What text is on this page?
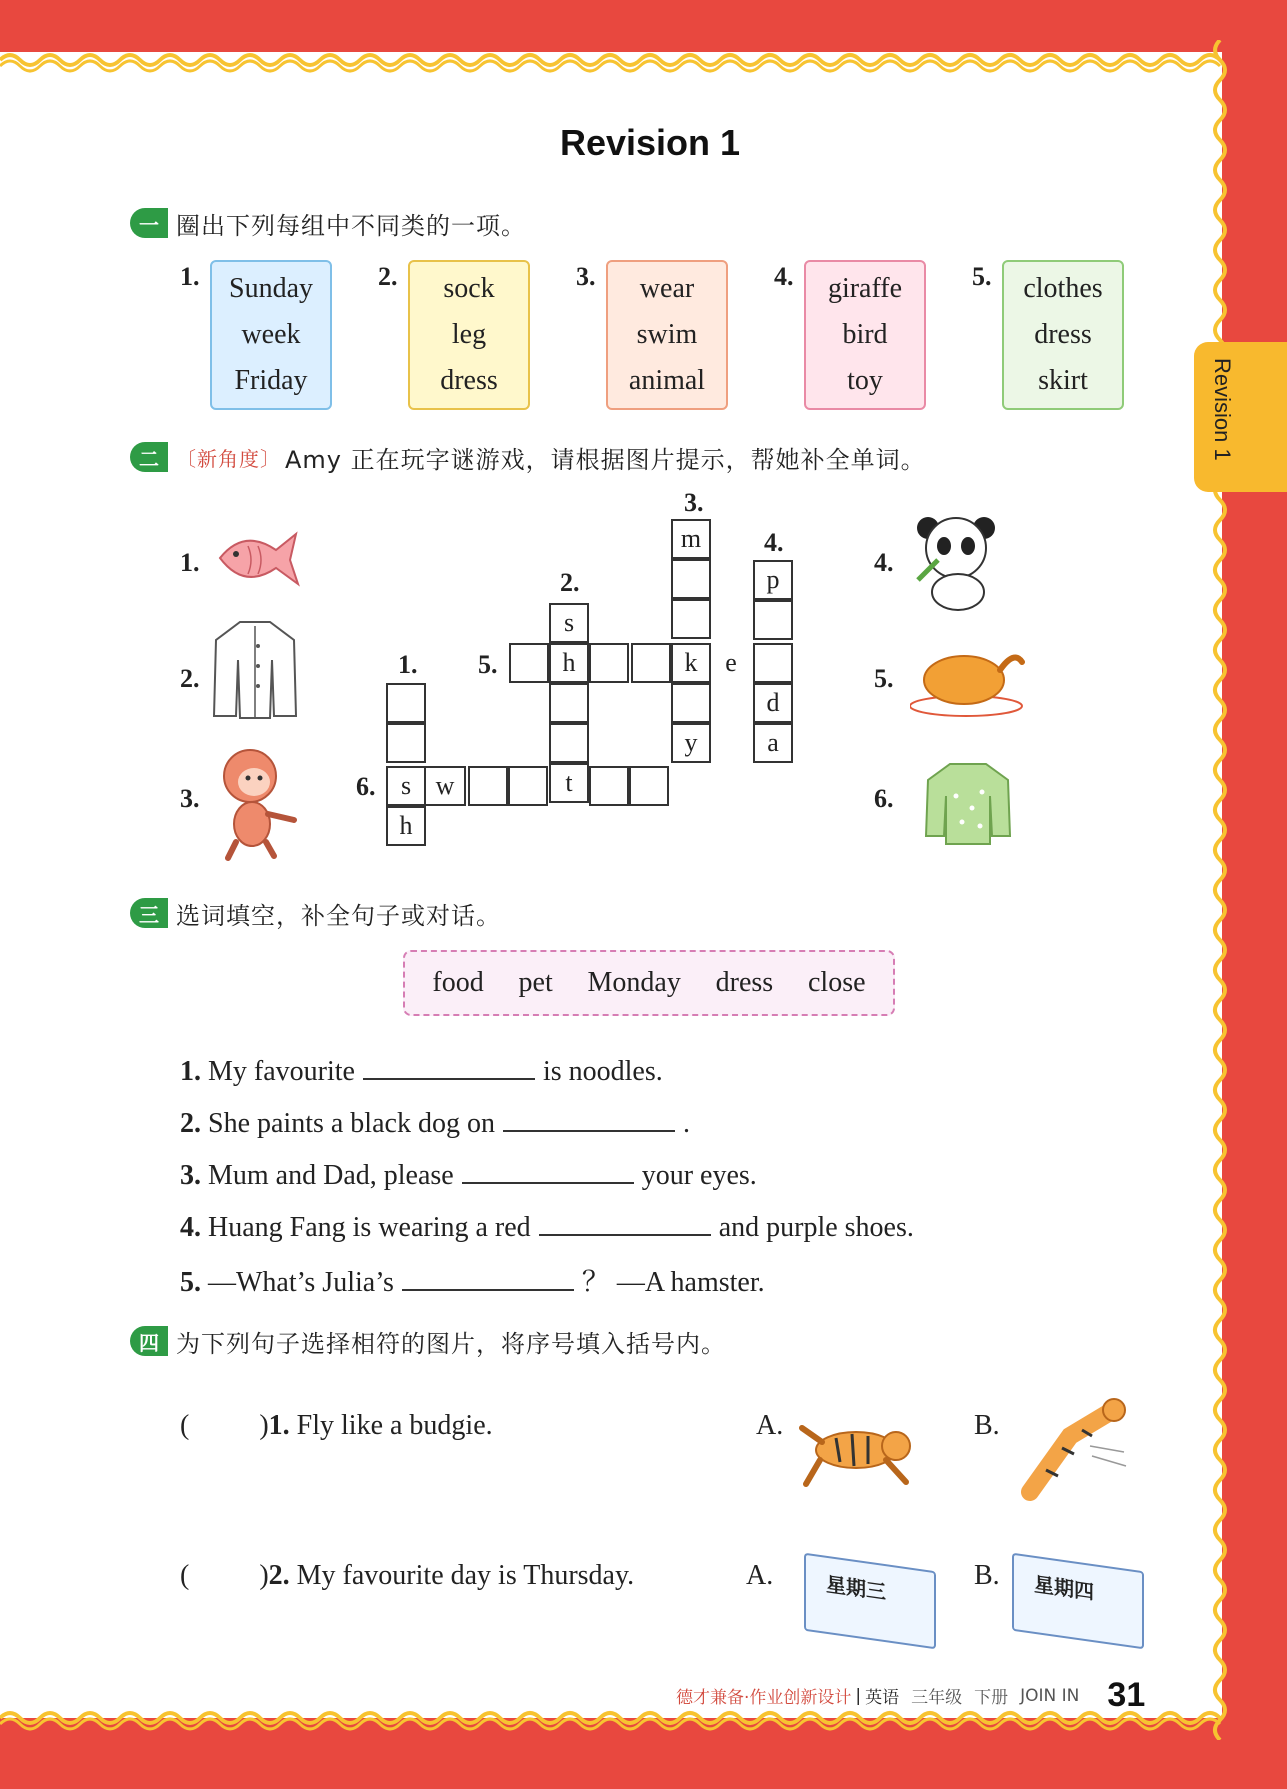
Revision 1
Revision 1
一 圈出下列每组中不同类的一项。
1. Sunday
week
Friday
2. sock
leg
dress
3. wear
swim
animal
4. giraffe
bird
toy
5. clothes
dress
skirt
二 〔新角度〕 Amy 正在玩字谜游戏，请根据图片提示，帮她补全单词。
1.
2.
3.
4.
5.
6.
1.
2.
3.
4.
5.
6.
m
k
y
p
d
a
s
h
t
e
s
h
w
三 选词填空，补全句子或对话。
food pet Monday dress close
1. My favourite	is noodles.
2. She paints a black dog on	.
3. Mum and Dad, please	your eyes.
4. Huang Fang is wearing a red	and purple shoes.
5. —What’s Julia’s	？ —A hamster.
四 为下列句子选择相符的图片，将序号填入括号内。
(	)1. Fly like a budgie.	A.	B.
(	)2. My favourite day is Thursday.	A.	B.
星期三	星期四
德才兼备·作业创新设计 | 英语 三年级 下册 JOIN IN 31
